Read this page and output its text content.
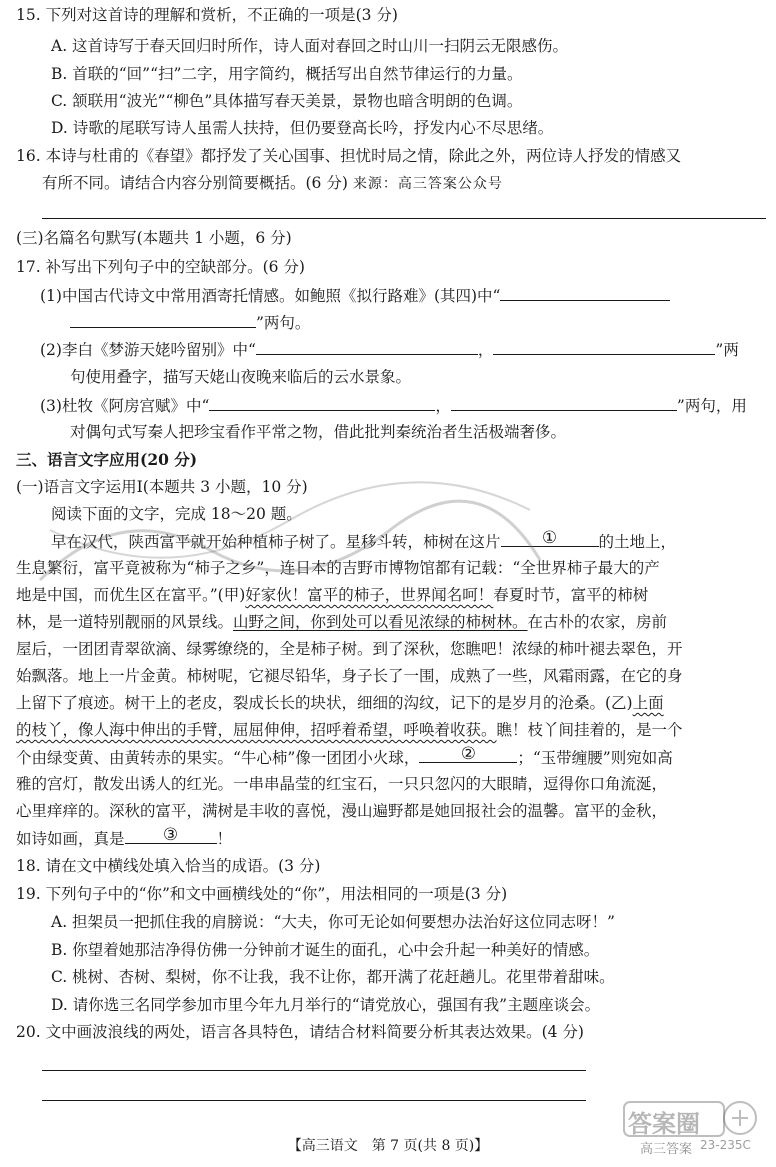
15. 下列对这首诗的理解和赏析，不正确的一项是(3 分)
A. 这首诗写于春天回归时所作，诗人面对春回之时山川一扫阴云无限感伤。
B. 首联的“回”“扫”二字，用字简约，概括写出自然节律运行的力量。
C. 颔联用“波光”“柳色”具体描写春天美景，景物也暗含明朗的色调。
D. 诗歌的尾联写诗人虽需人扶持，但仍要登高长吟，抒发内心不尽思绪。
16. 本诗与杜甫的《春望》都抒发了关心国事、担忧时局之情，除此之外，两位诗人抒发的情感又
有所不同。请结合内容分别简要概括。(6 分) 来源：高三答案公众号
(三)名篇名句默写(本题共 1 小题，6 分)
17. 补写出下列句子中的空缺部分。(6 分)
(1)中国古代诗文中常用酒寄托情感。如鲍照《拟行路难》(其四)中“
”两句。
(2)李白《梦游天姥吟留别》中“	，	”两
句使用叠字，描写天姥山夜晚来临后的云水景象。
(3)杜牧《阿房宫赋》中“	，	”两句，用
对偶句式写秦人把珍宝看作平常之物，借此批判秦统治者生活极端奢侈。
三、语言文字应用(20 分)
(一)语言文字运用Ⅰ(本题共 3 小题，10 分)
阅读下面的文字，完成 18～20 题。
早在汉代，陕西富平就开始种植柿子树了。星移斗转，柿树在这片	①	的土地上，
生息繁衍，富平竟被称为“柿子之乡”，连日本的吉野市博物馆都有记载：“全世界柿子最大的产
地是中国，而优生区在富平。”(甲)好家伙！富平的柿子，世界闻名呵！春夏时节，富平的柿树
林，是一道特别靓丽的风景线。山野之间，你到处可以看见浓绿的柿树林。在古朴的农家，房前
屋后，一团团青翠欲滴、绿雾缭绕的，全是柿子树。到了深秋，您瞧吧！浓绿的柿叶褪去翠色，开
始飘落。地上一片金黄。柿树呢，它褪尽铅华，身子长了一围，成熟了一些，风霜雨露，在它的身
上留下了痕迹。树干上的老皮，裂成长长的块状，细细的沟纹，记下的是岁月的沧桑。(乙)上面
的枝丫，像人海中伸出的手臂，屈屈伸伸，招呼着希望，呼唤着收获。瞧！枝丫间挂着的，是一个
个由绿变黄、由黄转赤的果实。“牛心柿”像一团团小火球，	②	；“玉带缠腰”则宛如高
雅的宫灯，散发出诱人的红光。一串串晶莹的红宝石，一只只忽闪的大眼睛，逗得你口角流涎，
心里痒痒的。深秋的富平，满树是丰收的喜悦，漫山遍野都是她回报社会的温馨。富平的金秋，
如诗如画，真是	③	！
18. 请在文中横线处填入恰当的成语。(3 分)
19. 下列句子中的“你”和文中画横线处的“你”，用法相同的一项是(3 分)
A. 担架员一把抓住我的肩膀说：“大夫，你可无论如何要想办法治好这位同志呀！”
B. 你望着她那洁净得仿佛一分钟前才诞生的面孔，心中会升起一种美好的情感。
C. 桃树、杏树、梨树，你不让我，我不让你，都开满了花赶趟儿。花里带着甜味。
D. 请你选三名同学参加市里今年九月举行的“请党放心，强国有我”主题座谈会。
20. 文中画波浪线的两处，语言各具特色，请结合材料简要分析其表达效果。(4 分)
【高三语文　第 7 页(共 8 页)】
答案圈
高三答案 23-235C
